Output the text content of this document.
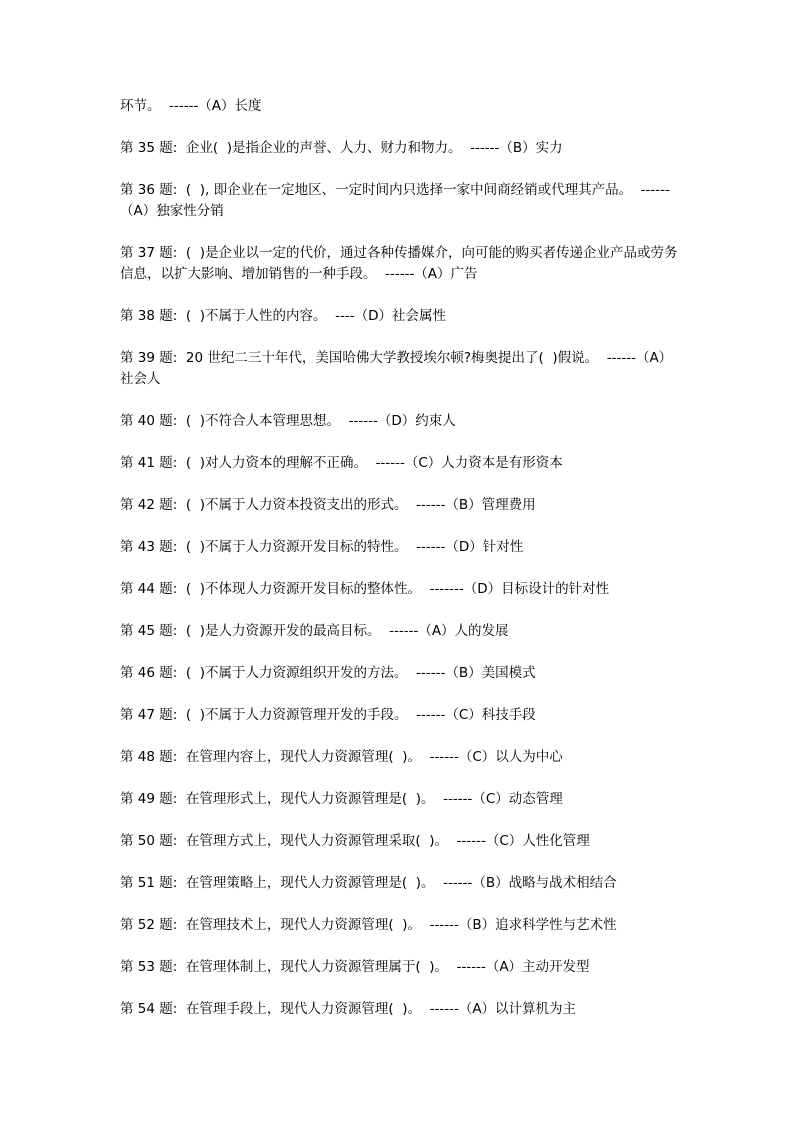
环节。  ------（A）长度

第 35 题:  企业(  )是指企业的声誉、人力、财力和物力。  ------（B）实力

第 36 题:  (  ), 即企业在一定地区、一定时间内只选择一家中间商经销或代理其产品。  ------（A）独家性分销

第 37 题:  (  )是企业以一定的代价，通过各种传播媒介，向可能的购买者传递企业产品或劳务信息，以扩大影响、增加销售的一种手段。  ------（A）广告

第 38 题:  (  )不属于人性的内容。  ----（D）社会属性

第 39 题:  20 世纪二三十年代，美国哈佛大学教授埃尔顿?梅奥提出了(  )假说。  ------（A）社会人

第 40 题:  (  )不符合人本管理思想。  ------（D）约束人

第 41 题:  (  )对人力资本的理解不正确。  ------（C）人力资本是有形资本

第 42 题:  (  )不属于人力资本投资支出的形式。  ------（B）管理费用

第 43 题:  (  )不属于人力资源开发目标的特性。  ------（D）针对性

第 44 题:  (  )不体现人力资源开发目标的整体性。  -------（D）目标设计的针对性

第 45 题:  (  )是人力资源开发的最高目标。  ------（A）人的发展

第 46 题:  (  )不属于人力资源组织开发的方法。  ------（B）美国模式

第 47 题:  (  )不属于人力资源管理开发的手段。  ------（C）科技手段

第 48 题:  在管理内容上，现代人力资源管理(  )。  ------（C）以人为中心

第 49 题:  在管理形式上，现代人力资源管理是(  )。  ------（C）动态管理

第 50 题:  在管理方式上，现代人力资源管理采取(  )。  ------（C）人性化管理

第 51 题:  在管理策略上，现代人力资源管理是(  )。  ------（B）战略与战术相结合

第 52 题:  在管理技术上，现代人力资源管理(  )。  ------（B）追求科学性与艺术性

第 53 题:  在管理体制上，现代人力资源管理属于(  )。  ------（A）主动开发型

第 54 题:  在管理手段上，现代人力资源管理(  )。  ------（A）以计算机为主
